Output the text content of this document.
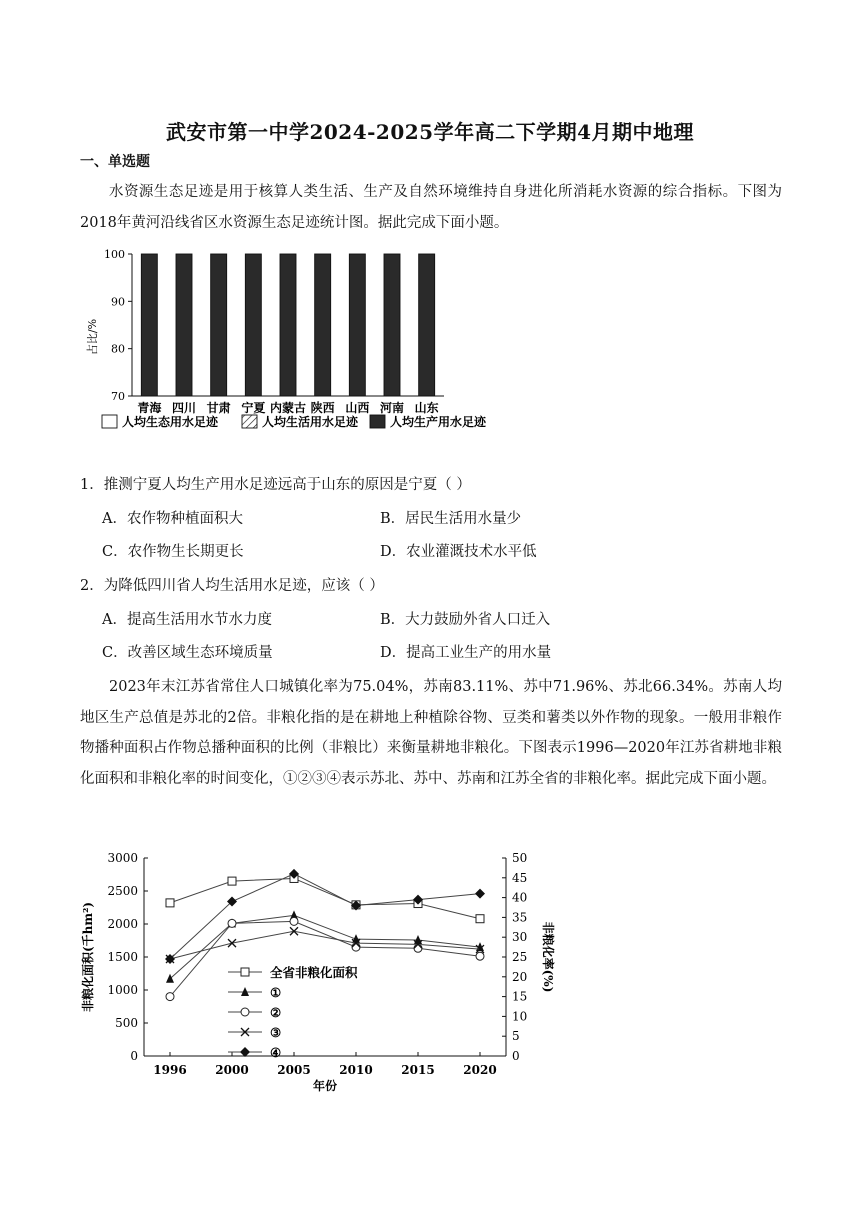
武安市第一中学2024-2025学年高二下学期4月期中地理
一、单选题
水资源生态足迹是用于核算人类生活、生产及自然环境维持自身进化所消耗水资源的综合指标。下图为2018年黄河沿线省区水资源生态足迹统计图。据此完成下面小题。
70
80
90
100
占比/%
青海 四川 甘肃 宁夏 内蒙古 陕西 山西 河南 山东
人均生态用水足迹	人均生活用水足迹	人均生产用水足迹
1．推测宁夏人均生产用水足迹远高于山东的原因是宁夏（ ）
A．农作物种植面积大	B．居民生活用水量少
C．农作物生长期更长	D．农业灌溉技术水平低
2．为降低四川省人均生活用水足迹，应该（ ）
A．提高生活用水节水力度	B．大力鼓励外省人口迁入
C．改善区域生态环境质量	D．提高工业生产的用水量
2023年末江苏省常住人口城镇化率为75.04%，苏南83.11%、苏中71.96%、苏北66.34%。苏南人均地区生产总值是苏北的2倍。非粮化指的是在耕地上种植除谷物、豆类和薯类以外作物的现象。一般用非粮作物播种面积占作物总播种面积的比例（非粮比）来衡量耕地非粮化。下图表示1996—2020年江苏省耕地非粮化面积和非粮化率的时间变化，①②③④表示苏北、苏中、苏南和江苏全省的非粮化率。据此完成下面小题。
0
500
1000
1500
2000
2500
3000
0
5
10
15
20
25
30
35
40
45
50
1996 2000 2005 2010 2015 2020
年份
非粮化面积(千hm²)	非粮化率(%)
全省非粮化面积
①
②
③
④
